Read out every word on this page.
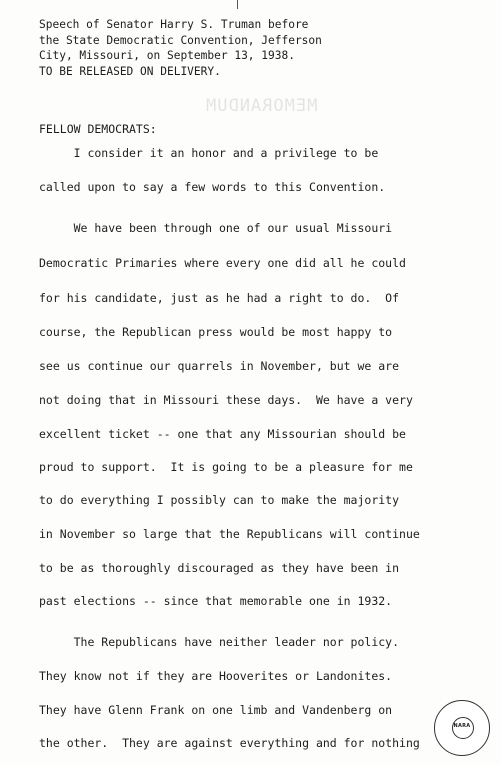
Speech of Senator Harry S. Truman before
the State Democratic Convention, Jefferson
City, Missouri, on September 13, 1938.
TO BE RELEASED ON DELIVERY.
MEMORANDUM
FELLOW DEMOCRATS:
I consider it an honor and a privilege to be
called upon to say a few words to this Convention.
We have been through one of our usual Missouri
Democratic Primaries where every one did all he could
for his candidate, just as he had a right to do.  Of
course, the Republican press would be most happy to
see us continue our quarrels in November, but we are
not doing that in Missouri these days.  We have a very
excellent ticket -- one that any Missourian should be
proud to support.  It is going to be a pleasure for me
to do everything I possibly can to make the majority
in November so large that the Republicans will continue
to be as thoroughly discouraged as they have been in
past elections -- since that memorable one in 1932.
The Republicans have neither leader nor policy.
They know not if they are Hooverites or Landonites.
They have Glenn Frank on one limb and Vandenberg on
the other.  They are against everything and for nothing
NARA
